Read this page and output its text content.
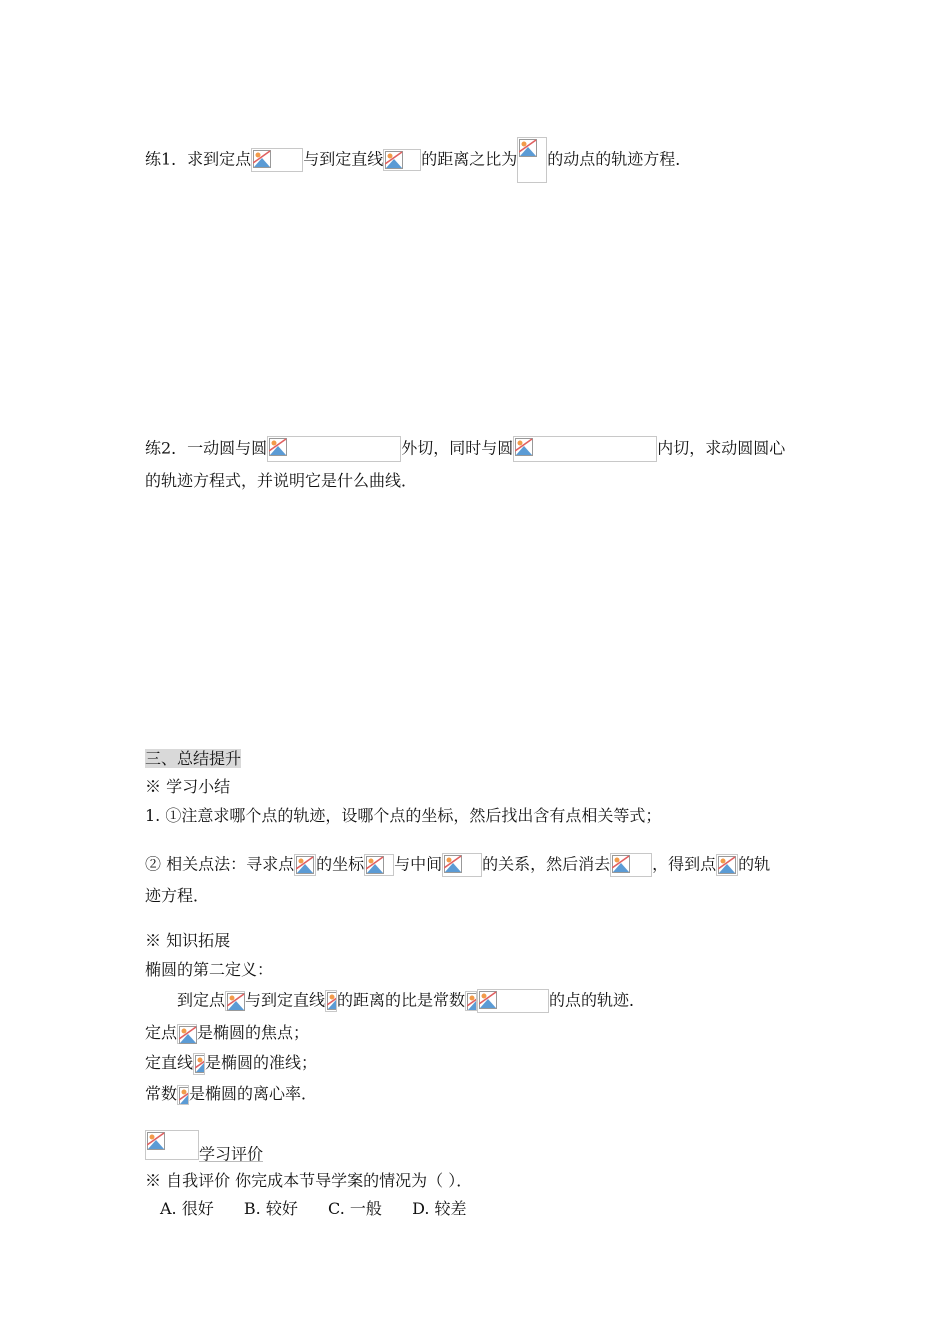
练1．求到定点	与到定直线 的距离之比为 的动点的轨迹方程．
练2．一动圆与圆	外切，同时与圆	内切，求动圆圆心
的轨迹方程式，并说明它是什么曲线．
三、总结提升
※ 学习小结
1. ①注意求哪个点的轨迹，设哪个点的坐标，然后找出含有点相关等式；
② 相关点法：寻求点 的坐标 与中间	的关系，然后消去	，得到点 的轨
迹方程．
※ 知识拓展
椭圆的第二定义：
到定点 与到定直线 的距离的比是常数	的点的轨迹．
定点 是椭圆的焦点；
定直线 是椭圆的准线；
常数 是椭圆的离心率．
学习评价
※ 自我评价 你完成本节导学案的情况为（ ）．
A. 很好 B. 较好 C. 一般 D. 较差
